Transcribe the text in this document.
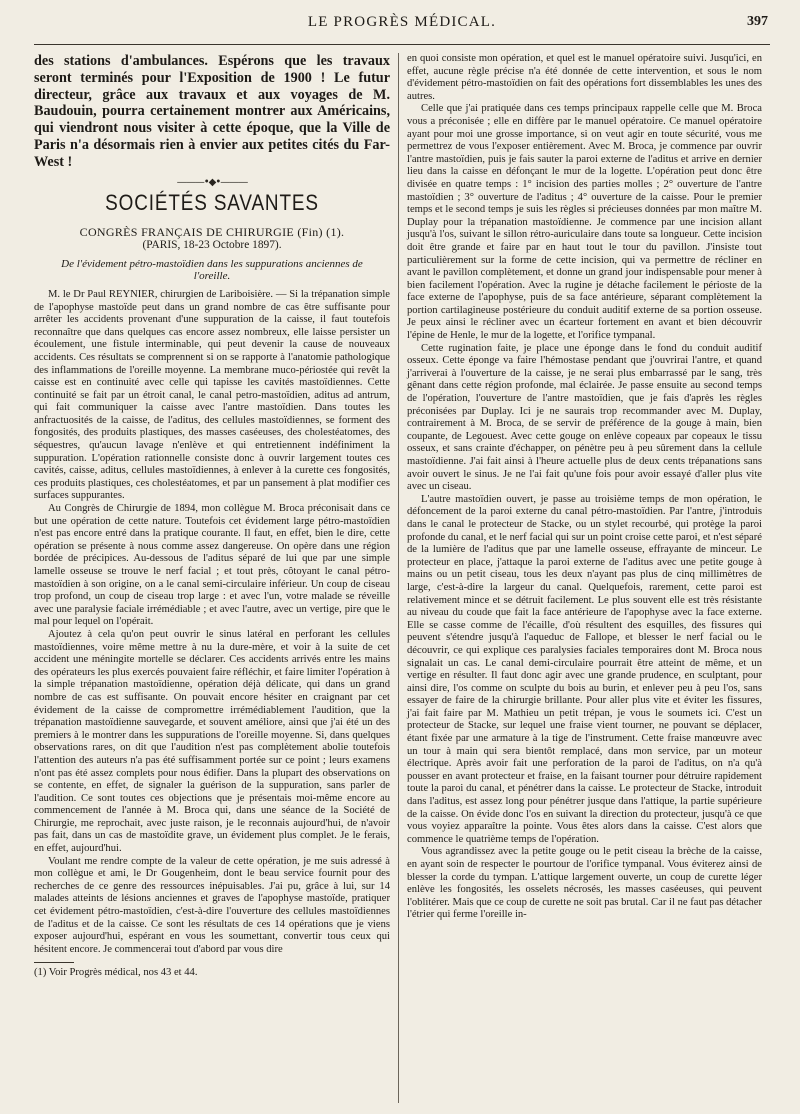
LE PROGRÈS MÉDICAL.	397

des stations d'ambulances. Espérons que les travaux seront terminés pour l'Exposition de 1900 ! Le futur directeur, grâce aux travaux et aux voyages de M. Baudouin, pourra certainement montrer aux Américains, qui viendront nous visiter à cette époque, que la Ville de Paris n'a désormais rien à envier aux petites cités du Far-West !

———•◆•———
SOCIÉTÉS SAVANTES

CONGRÈS FRANÇAIS DE CHIRURGIE (Fin) (1).

(PARIS, 18-23 Octobre 1897).

De l'évidement pétro-mastoïdien dans les suppurations anciennes de l'oreille.

M. le Dr Paul REYNIER, chirurgien de Lariboisière. — Si la trépanation simple de l'apophyse mastoïde peut dans un grand nombre de cas être suffisante pour arrêter les accidents provenant d'une suppuration de la caisse, il faut toutefois reconnaître que dans quelques cas encore assez nombreux, elle laisse persister un écoulement, une fistule interminable, qui peut devenir la cause de nouveaux accidents. Ces résultats se comprennent si on se rapporte à l'anatomie pathologique des inflammations de l'oreille moyenne. La membrane muco-périostée qui revêt la caisse est en continuité avec celle qui tapisse les cavités mastoïdiennes. Cette continuité se fait par un étroit canal, le canal petro-mastoïdien, aditus ad antrum, qui fait communiquer la caisse avec l'antre mastoïdien. Dans toutes les anfractuosités de la caisse, de l'aditus, des cellules mastoïdiennes, se forment des fongosités, des produits plastiques, des masses caséeuses, des cholestéatomes, des séquestres, qu'aucun lavage n'enlève et qui entretiennent indéfiniment la suppuration. L'opération rationnelle consiste donc à ouvrir largement toutes ces cavités, caisse, aditus, cellules mastoïdiennes, à enlever à la curette ces fongosités, ces produits plastiques, ces cholestéatomes, et par un pansement à plat modifier ces surfaces suppurantes.

Au Congrès de Chirurgie de 1894, mon collègue M. Broca préconisait dans ce but une opération de cette nature. Toutefois cet évidement large pétro-mastoïdien n'est pas encore entré dans la pratique courante. Il faut, en effet, bien le dire, cette opération se présente à nous comme assez dangereuse. On opère dans une région bordée de précipices. Au-dessous de l'aditus séparé de lui que par une simple lamelle osseuse se trouve le nerf facial ; et tout près, côtoyant le canal pétro-mastoïdien à son origine, on a le canal semi-circulaire inférieur. Un coup de ciseau trop profond, un coup de ciseau trop large : et avec l'un, votre malade se réveille avec une paralysie faciale irrémédiable ; et avec l'autre, avec un vertige, pire que le mal pour lequel on l'opérait.

Ajoutez à cela qu'on peut ouvrir le sinus latéral en perforant les cellules mastoïdiennes, voire même mettre à nu la dure-mère, et voir à la suite de cet accident une méningite mortelle se déclarer. Ces accidents arrivés entre les mains des opérateurs les plus exercés pouvaient faire réfléchir, et faire limiter l'opération à la simple trépanation mastoïdienne, opération déjà délicate, qui dans un grand nombre de cas est suffisante. On pouvait encore hésiter en craignant par cet évidement de la caisse de compromettre irrémédiablement l'audition, que la trépanation mastoïdienne sauvegarde, et souvent améliore, ainsi que j'ai été un des premiers à le montrer dans les suppurations de l'oreille moyenne. Si, dans quelques observations rares, on dit que l'audition n'est pas complètement abolie toutefois l'attention des auteurs n'a pas été suffisamment portée sur ce point ; leurs examens n'ont pas été assez complets pour nous édifier. Dans la plupart des observations on se contente, en effet, de signaler la guérison de la suppuration, sans parler de l'audition. Ce sont toutes ces objections que je présentais moi-même encore au commencement de l'année à M. Broca qui, dans une séance de la Société de Chirurgie, me reprochait, avec juste raison, je le reconnais aujourd'hui, de n'avoir pas fait, dans un cas de mastoïdite grave, un évidement plus complet. Je le ferais, en effet, aujourd'hui.

Voulant me rendre compte de la valeur de cette opération, je me suis adressé à mon collègue et ami, le Dr Gougenheim, dont le beau service fournit pour des recherches de ce genre des ressources inépuisables. J'ai pu, grâce à lui, sur 14 malades atteints de lésions anciennes et graves de l'apophyse mastoïde, pratiquer cet évidement pétro-mastoïdien, c'est-à-dire l'ouverture des cellules mastoïdiennes de l'aditus et de la caisse. Ce sont les résultats de ces 14 opérations que je viens exposer aujourd'hui, espérant en vous les soumettant, convertir tous ceux qui hésitent encore. Je commencerai tout d'abord par vous dire

(1) Voir Progrès médical, nos 43 et 44.

en quoi consiste mon opération, et quel est le manuel opératoire suivi. Jusqu'ici, en effet, aucune règle précise n'a été donnée de cette intervention, et sous le nom d'évidement pétro-mastoïdien on fait des opérations fort dissemblables les unes des autres.

Celle que j'ai pratiquée dans ces temps principaux rappelle celle que M. Broca vous a préconisée ; elle en diffère par le manuel opératoire. Ce manuel opératoire ayant pour moi une grosse importance, si on veut agir en toute sécurité, vous me permettrez de vous l'exposer entièrement. Avec M. Broca, je commence par ouvrir l'antre mastoïdien, puis je fais sauter la paroi externe de l'aditus et arrive en dernier lieu dans la caisse en défonçant le mur de la logette. L'opération peut donc être divisée en quatre temps : 1° incision des parties molles ; 2° ouverture de l'antre mastoïdien ; 3° ouverture de l'aditus ; 4° ouverture de la caisse. Pour le premier temps et le second temps je suis les règles si précieuses données par mon maître M. Duplay pour la trépanation mastoïdienne. Je commence par une incision allant jusqu'à l'os, suivant le sillon rétro-auriculaire dans toute sa longueur. Cette incision doit être grande et faire par en haut tout le tour du pavillon. J'insiste tout particulièrement sur la forme de cette incision, qui va permettre de récliner en avant le pavillon complètement, et donne un grand jour indispensable pour mener à bien facilement l'opération. Avec la rugine je détache facilement le périoste de la face externe de l'apophyse, puis de sa face antérieure, séparant complètement la portion cartilagineuse postérieure du conduit auditif externe de sa portion osseuse. Je peux ainsi le récliner avec un écarteur fortement en avant et bien découvrir l'épine de Henle, le mur de la logette, et l'orifice tympanal.

Cette rugination faite, je place une éponge dans le fond du conduit auditif osseux. Cette éponge va faire l'hémostase pendant que j'ouvrirai l'antre, et quand j'arriverai à l'ouverture de la caisse, je ne serai plus embarrassé par le sang, très gênant dans cette région profonde, mal éclairée. Je passe ensuite au second temps de l'opération, l'ouverture de l'antre mastoïdien, que je fais d'après les règles préconisées par Duplay. Ici je ne saurais trop recommander avec M. Duplay, contrairement à M. Broca, de se servir de préférence de la gouge à main, bien coupante, de Legouest. Avec cette gouge on enlève copeaux par copeaux le tissu osseux, et sans crainte d'échapper, on pénètre peu à peu sûrement dans la cellule mastoïdienne. J'ai fait ainsi à l'heure actuelle plus de deux cents trépanations sans avoir ouvert le sinus. Je ne l'ai fait qu'une fois pour avoir essayé d'aller plus vite avec un ciseau.

L'autre mastoïdien ouvert, je passe au troisième temps de mon opération, le défoncement de la paroi externe du canal pétro-mastoïdien. Par l'antre, j'introduis dans le canal le protecteur de Stacke, ou un stylet recourbé, qui protège la paroi profonde du canal, et le nerf facial qui sur un point croise cette paroi, et n'est séparé de la lumière de l'aditus que par une lamelle osseuse, effrayante de minceur. Le protecteur en place, j'attaque la paroi externe de l'aditus avec une petite gouge à mains ou un petit ciseau, tous les deux n'ayant pas plus de cinq millimètres de large, c'est-à-dire la largeur du canal. Quelquefois, rarement, cette paroi est relativement mince et se détruit facilement. Le plus souvent elle est très résistante au niveau du coude que fait la face antérieure de l'apophyse avec la face externe. Elle se casse comme de l'écaille, d'où résultent des esquilles, des fissures qui peuvent s'étendre jusqu'à l'aqueduc de Fallope, et blesser le nerf facial ou le découvrir, ce qui explique ces paralysies faciales temporaires dont M. Broca nous signalait un cas. Le canal demi-circulaire pourrait être atteint de même, et un vertige en résulter. Il faut donc agir avec une grande prudence, en sculptant, pour ainsi dire, l'os comme on sculpte du bois au burin, et enlever peu à peu l'os, sans essayer de faire de la chirurgie brillante. Pour aller plus vite et éviter les fissures, j'ai fait faire par M. Mathieu un petit trépan, je vous le soumets ici. C'est un protecteur de Stacke, sur lequel une fraise vient tourner, ne pouvant se déplacer, étant fixée par une armature à la tige de l'instrument. Cette fraise manœuvre avec un tour à main qui sera bientôt remplacé, dans mon service, par un moteur électrique. Après avoir fait une perforation de la paroi de l'aditus, on n'a qu'à pousser en avant protecteur et fraise, en la faisant tourner pour détruire rapidement toute la paroi du canal, et pénétrer dans la caisse. Le protecteur de Stacke, introduit dans l'aditus, est assez long pour pénétrer jusque dans l'attique, la partie supérieure de la caisse. On évide donc l'os en suivant la direction du protecteur, jusqu'à ce que vous voyiez apparaître la pointe. Vous êtes alors dans la caisse. C'est alors que commence le quatrième temps de l'opération.

Vous agrandissez avec la petite gouge ou le petit ciseau la brèche de la caisse, en ayant soin de respecter le pourtour de l'orifice tympanal. Vous éviterez ainsi de blesser la corde du tympan. L'attique largement ouverte, un coup de curette léger enlève les fongosités, les osselets nécrosés, les masses caséeuses, qui peuvent l'oblitérer. Mais que ce coup de curette ne soit pas brutal. Car il ne faut pas détacher l'étrier qui ferme l'oreille in-
